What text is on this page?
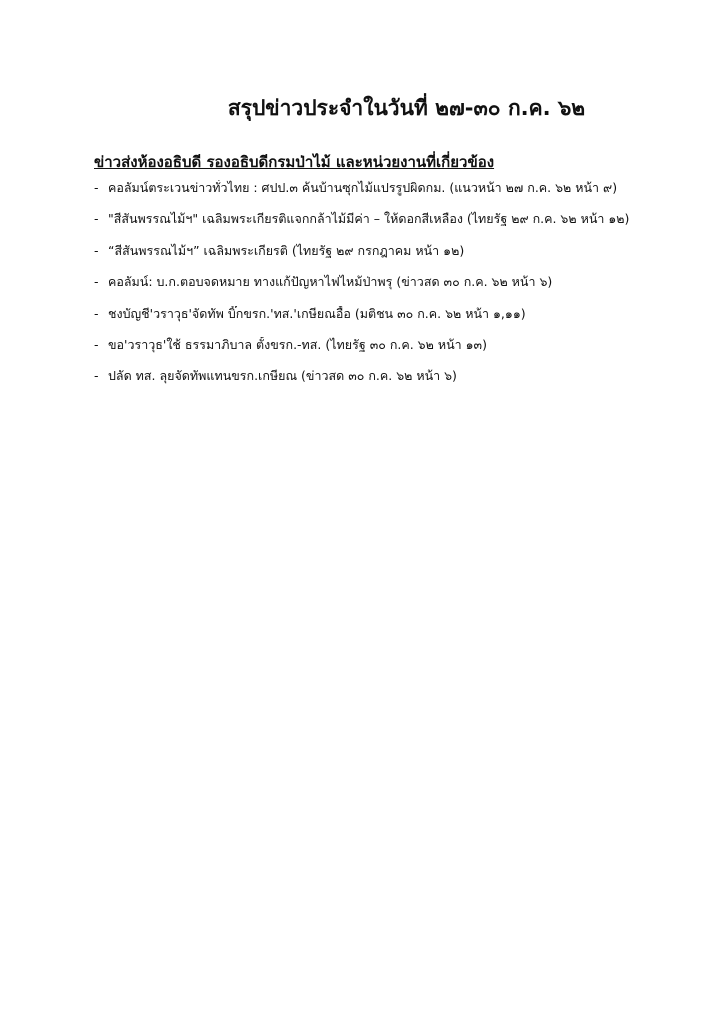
สรุปข่าวประจำในวันที่ ๒๗-๓๐ ก.ค. ๖๒
ข่าวส่งห้องอธิบดี รองอธิบดีกรมป่าไม้ และหน่วยงานที่เกี่ยวข้อง
- คอลัมน์ตระเวนข่าวทั่วไทย : ศปป.๓ ค้นบ้านซุกไม้แปรรูปผิดกม. (แนวหน้า ๒๗ ก.ค. ๖๒ หน้า ๙)
- "สีสันพรรณไม้ฯ" เฉลิมพระเกียรติแจกกล้าไม้มีค่า – ให้ดอกสีเหลือง (ไทยรัฐ ๒๙ ก.ค. ๖๒ หน้า ๑๒)
- “สีสันพรรณไม้ฯ” เฉลิมพระเกียรติ (ไทยรัฐ ๒๙ กรกฎาคม หน้า ๑๒)
- คอลัมน์: บ.ก.ตอบจดหมาย ทางแก้ปัญหาไฟไหม้ป่าพรุ (ข่าวสด ๓๐ ก.ค. ๖๒ หน้า ๖)
- ชงบัญชี'วราวุธ'จัดทัพ บิ๊กขรก.'ทส.'เกษียณอื้อ (มติชน ๓๐ ก.ค. ๖๒ หน้า ๑,๑๑)
- ขอ'วราวุธ'ใช้ ธรรมาภิบาล ตั้งขรก.-ทส. (ไทยรัฐ ๓๐ ก.ค. ๖๒ หน้า ๑๓)
- ปลัด ทส. ลุยจัดทัพแทนขรก.เกษียณ (ข่าวสด ๓๐ ก.ค. ๖๒ หน้า ๖)
